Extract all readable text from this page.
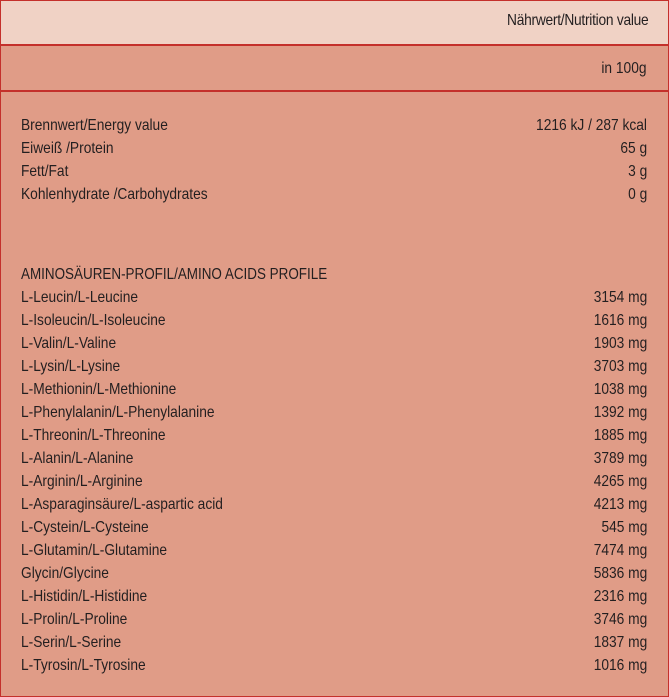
Nährwert/Nutrition value
in 100g
Brennwert/Energy value	1216 kJ / 287 kcal
Eiweiß /Protein	65 g
Fett/Fat	3 g
Kohlenhydrate /Carbohydrates	0 g
AMINOSÄUREN-PROFIL/AMINO ACIDS PROFILE
L-Leucin/L-Leucine	3154 mg
L-Isoleucin/L-Isoleucine	1616 mg
L-Valin/L-Valine	1903 mg
L-Lysin/L-Lysine	3703 mg
L-Methionin/L-Methionine	1038 mg
L-Phenylalanin/L-Phenylalanine	1392 mg
L-Threonin/L-Threonine	1885 mg
L-Alanin/L-Alanine	3789 mg
L-Arginin/L-Arginine	4265 mg
L-Asparaginsäure/L-aspartic acid	4213 mg
L-Cystein/L-Cysteine	545 mg
L-Glutamin/L-Glutamine	7474 mg
Glycin/Glycine	5836 mg
L-Histidin/L-Histidine	2316 mg
L-Prolin/L-Proline	3746 mg
L-Serin/L-Serine	1837 mg
L-Tyrosin/L-Tyrosine	1016 mg
